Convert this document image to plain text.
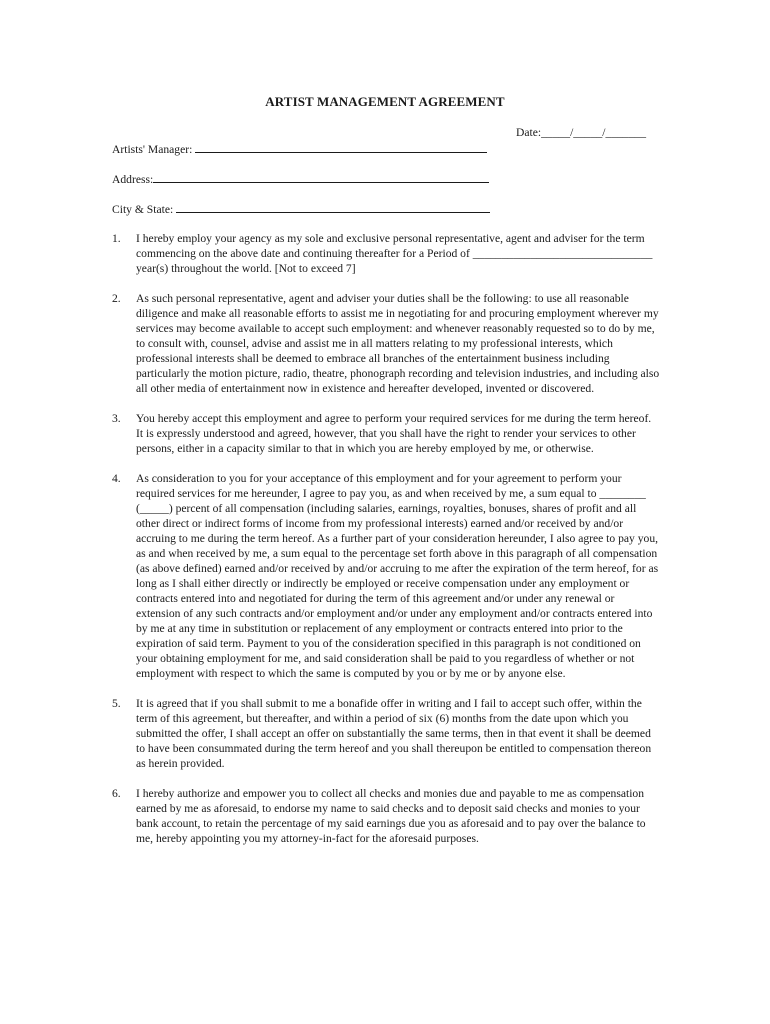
ARTIST MANAGEMENT AGREEMENT
Date:_____/_____/_______
Artists' Manager:
Address:
City & State:
1. I hereby employ your agency as my sole and exclusive personal representative, agent and adviser for the term commencing on the above date and continuing thereafter for a Period of _______________________________ year(s) throughout the world. [Not to exceed 7]
2. As such personal representative, agent and adviser your duties shall be the following: to use all reasonable diligence and make all reasonable efforts to assist me in negotiating for and procuring employment wherever my services may become available to accept such employment: and whenever reasonably requested so to do by me, to consult with, counsel, advise and assist me in all matters relating to my professional interests, which professional interests shall be deemed to embrace all branches of the entertainment business including particularly the motion picture, radio, theatre, phonograph recording and television industries, and including also all other media of entertainment now in existence and hereafter developed, invented or discovered.
3. You hereby accept this employment and agree to perform your required services for me during the term hereof. It is expressly understood and agreed, however, that you shall have the right to render your services to other persons, either in a capacity similar to that in which you are hereby employed by me, or otherwise.
4. As consideration to you for your acceptance of this employment and for your agreement to perform your required services for me hereunder, I agree to pay you, as and when received by me, a sum equal to ________ (_____) percent of all compensation (including salaries, earnings, royalties, bonuses, shares of profit and all other direct or indirect forms of income from my professional interests) earned and/or received by and/or accruing to me during the term hereof. As a further part of your consideration hereunder, I also agree to pay you, as and when received by me, a sum equal to the percentage set forth above in this paragraph of all compensation (as above defined) earned and/or received by and/or accruing to me after the expiration of the term hereof, for as long as I shall either directly or indirectly be employed or receive compensation under any employment or contracts entered into and negotiated for during the term of this agreement and/or under any renewal or extension of any such contracts and/or employment and/or under any employment and/or contracts entered into by me at any time in substitution or replacement of any employment or contracts entered into prior to the expiration of said term. Payment to you of the consideration specified in this paragraph is not conditioned on your obtaining employment for me, and said consideration shall be paid to you regardless of whether or not employment with respect to which the same is computed by you or by me or by anyone else.
5. It is agreed that if you shall submit to me a bonafide offer in writing and I fail to accept such offer, within the term of this agreement, but thereafter, and within a period of six (6) months from the date upon which you submitted the offer, I shall accept an offer on substantially the same terms, then in that event it shall be deemed to have been consummated during the term hereof and you shall thereupon be entitled to compensation thereon as herein provided.
6. I hereby authorize and empower you to collect all checks and monies due and payable to me as compensation earned by me as aforesaid, to endorse my name to said checks and to deposit said checks and monies to your bank account, to retain the percentage of my said earnings due you as aforesaid and to pay over the balance to me, hereby appointing you my attorney-in-fact for the aforesaid purposes.
